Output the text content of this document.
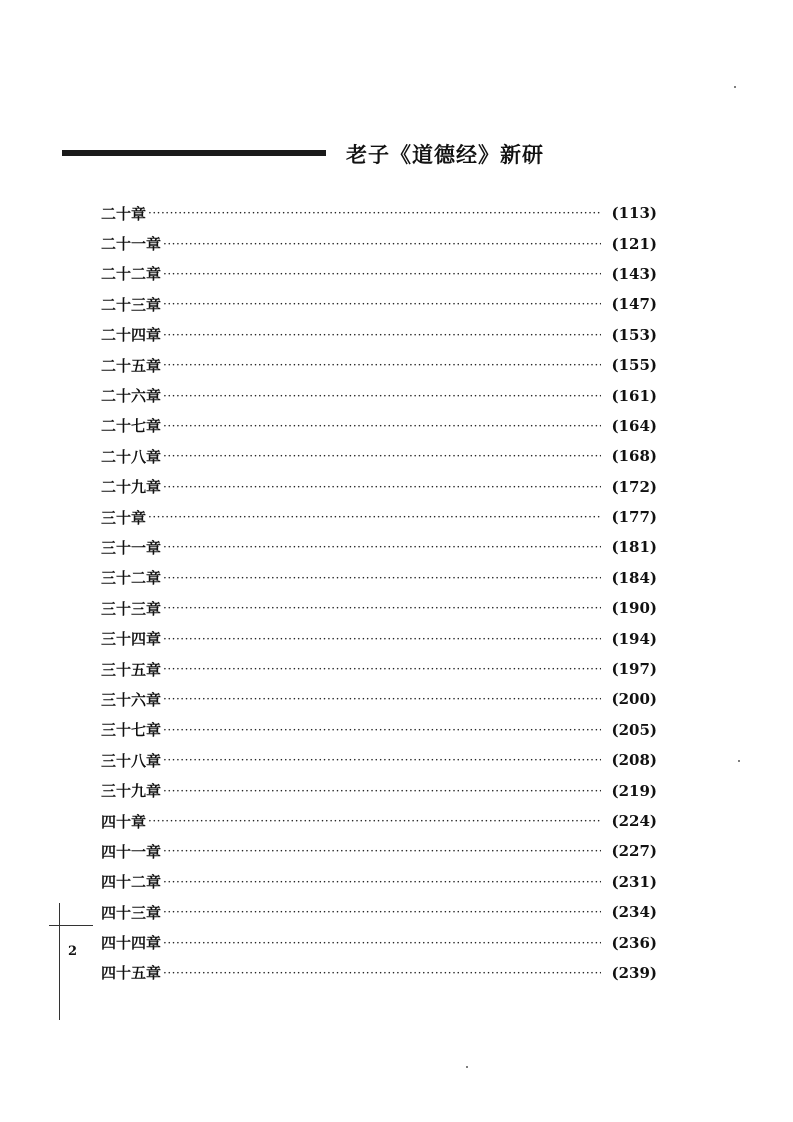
老子《道德经》新研
二十章 ·····	(113)
二十一章 ·····	(121)
二十二章 ·····	(143)
二十三章 ·····	(147)
二十四章 ·····	(153)
二十五章 ·····	(155)
二十六章 ·····	(161)
二十七章 ·····	(164)
二十八章 ·····	(168)
二十九章 ·····	(172)
三十章 ·····	(177)
三十一章 ·····	(181)
三十二章 ·····	(184)
三十三章 ·····	(190)
三十四章 ·····	(194)
三十五章 ·····	(197)
三十六章 ·····	(200)
三十七章 ·····	(205)
三十八章 ·····	(208)
三十九章 ·····	(219)
四十章 ·····	(224)
四十一章 ·····	(227)
四十二章 ·····	(231)
四十三章 ·····	(234)
四十四章 ·····	(236)
四十五章 ·····	(239)
2
